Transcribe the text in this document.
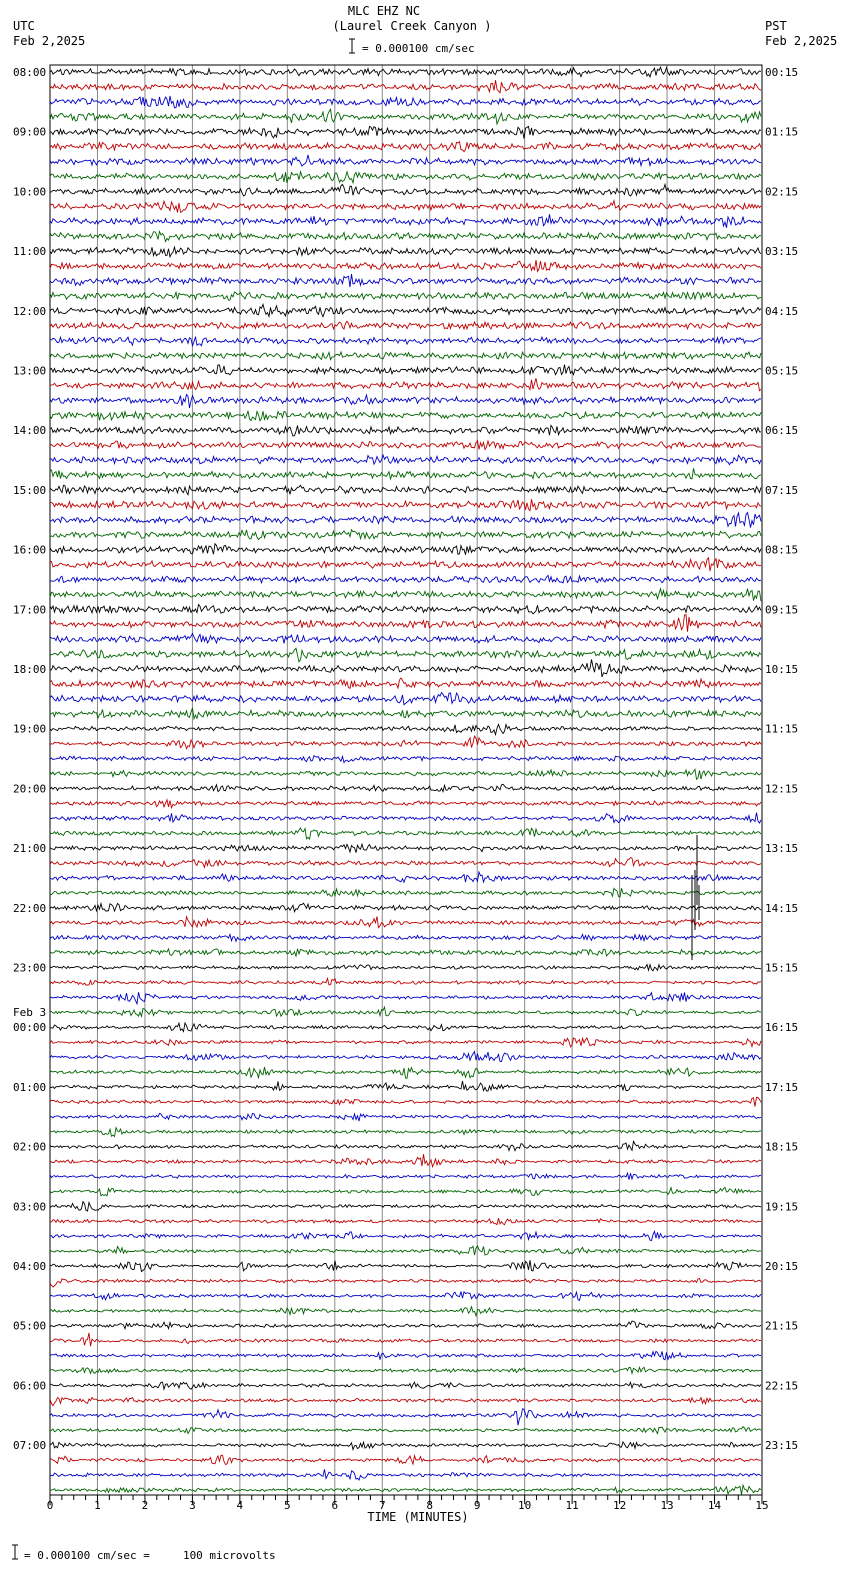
MLC EHZ NC
(Laurel Creek Canyon )
= 0.000100 cm/sec
UTC
Feb 2,2025
PST
Feb 2,2025
08:00
09:00
10:00
11:00
12:00
13:00
14:00
15:00
16:00
17:00
18:00
19:00
20:00
21:00
22:00
23:00
00:00
01:00
02:00
03:00
04:00
05:00
06:00
07:00
Feb 3
00:15
01:15
02:15
03:15
04:15
05:15
06:15
07:15
08:15
09:15
10:15
11:15
12:15
13:15
14:15
15:15
16:15
17:15
18:15
19:15
20:15
21:15
22:15
23:15
0	1	2	3	4	5	6	7	8	9	10	11	12	13	14	15
TIME (MINUTES)
= 0.000100 cm/sec =     100 microvolts
